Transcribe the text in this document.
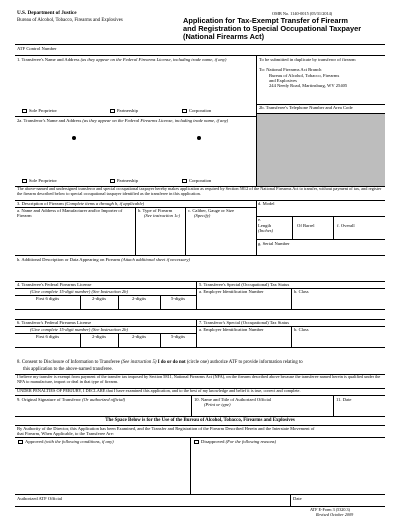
U.S. Department of Justice
Bureau of Alcohol, Tobacco, Firearms and Explosives
OMB No. 1140-0015 (05/31/2014)
Application for Tax-Exempt Transfer of Firearm
and Registration to Special Occupational Taxpayer
(National Firearms Act)
ATF Control Number
1. Transferee's Name and Address (as they appear on the Federal Firearms License, including trade name, if any)	To be submitted in duplicate by transferor of firearm
To: National Firearms Act Branch
Bureau of Alcohol, Tobacco, Firearms
and Explosives
244 Needy Road, Martinsburg, WV 25405
2b. Transferee's Telephone Number and Area Code
Sole Proprietor	Partnership	Corporation
2a. Transferor's Name and Address (as they appear on the Federal Firearms License, including trade name, if any)
Sole Proprietor	Partnership	Corporation
The above-named and undersigned transferor and special occupational taxpayer hereby makes application as required by Section 5812 of the National Firearms Act to transfer, without payment of tax, and register the firearm described below to special occupational taxpayer identified as the transferee in this application.
3. Description of Firearm (Complete items a through h, if applicable)	d. Model
a. Name and Address of Manufacturer and/or Importer of Firearm
b. Type of Firearm
(See instruction 1c)
c. Caliber, Gauge or Size
(Specify)
e.
Length
(Inches)
Of Barrel	f. Overall
g. Serial Number
h. Additional Description or Data Appearing on Firearm (Attach additional sheet if necessary)
4. Transferee's Federal Firearms License
(Give complete 15-digit number) (See Instruction 2b)
First 6 digits	2-digits	2-digits	5-digits
5. Transferee's Special (Occupational) Tax Status
a. Employer Identification Number	b. Class
6. Transferor's Federal Firearms License
(Give complete 15-digit number) (See Instruction 2b)
First 6 digits	2-digits	2-digits	5-digits
7. Transferor's Special (Occupational) Tax Status
a. Employer Identification Number	b. Class
8. Consent to Disclosure of Information to Transferee (See instruction 5) I do or do not (circle one) authorize ATF to provide information relating to
this application to the above-named transferee.
I believe my transfer is exempt from payment of the transfer tax imposed by Section 5811, National Firearms Act (NFA), on the firearm described above because the transferee named herein is qualified under the NFA to manufacture, import or deal in that type of firearm.
UNDER PENALTIES OF PERJURY, I DECLARE that I have examined this application, and to the best of my knowledge and belief it is true, correct and complete.
9. Original Signature of Transferor (Or authorized official)	10. Name and Title of Authorized Official
(Print or type)
11. Date
The Space Below is for the Use of the Bureau of Alcohol, Tobacco, Firearms and Explosives
By Authority of the Director, this Application has been Examined, and the Transfer and Registration of the Firearm Described Herein and the Interstate Movement of
that Firearm, When Applicable, to the Transferee Are:
Approved (with the following conditions, if any)	Disapproved (For the following reasons)
Authorized ATF Official	Date
ATF E-Form 3 (5320.3)
Revised October 2009
